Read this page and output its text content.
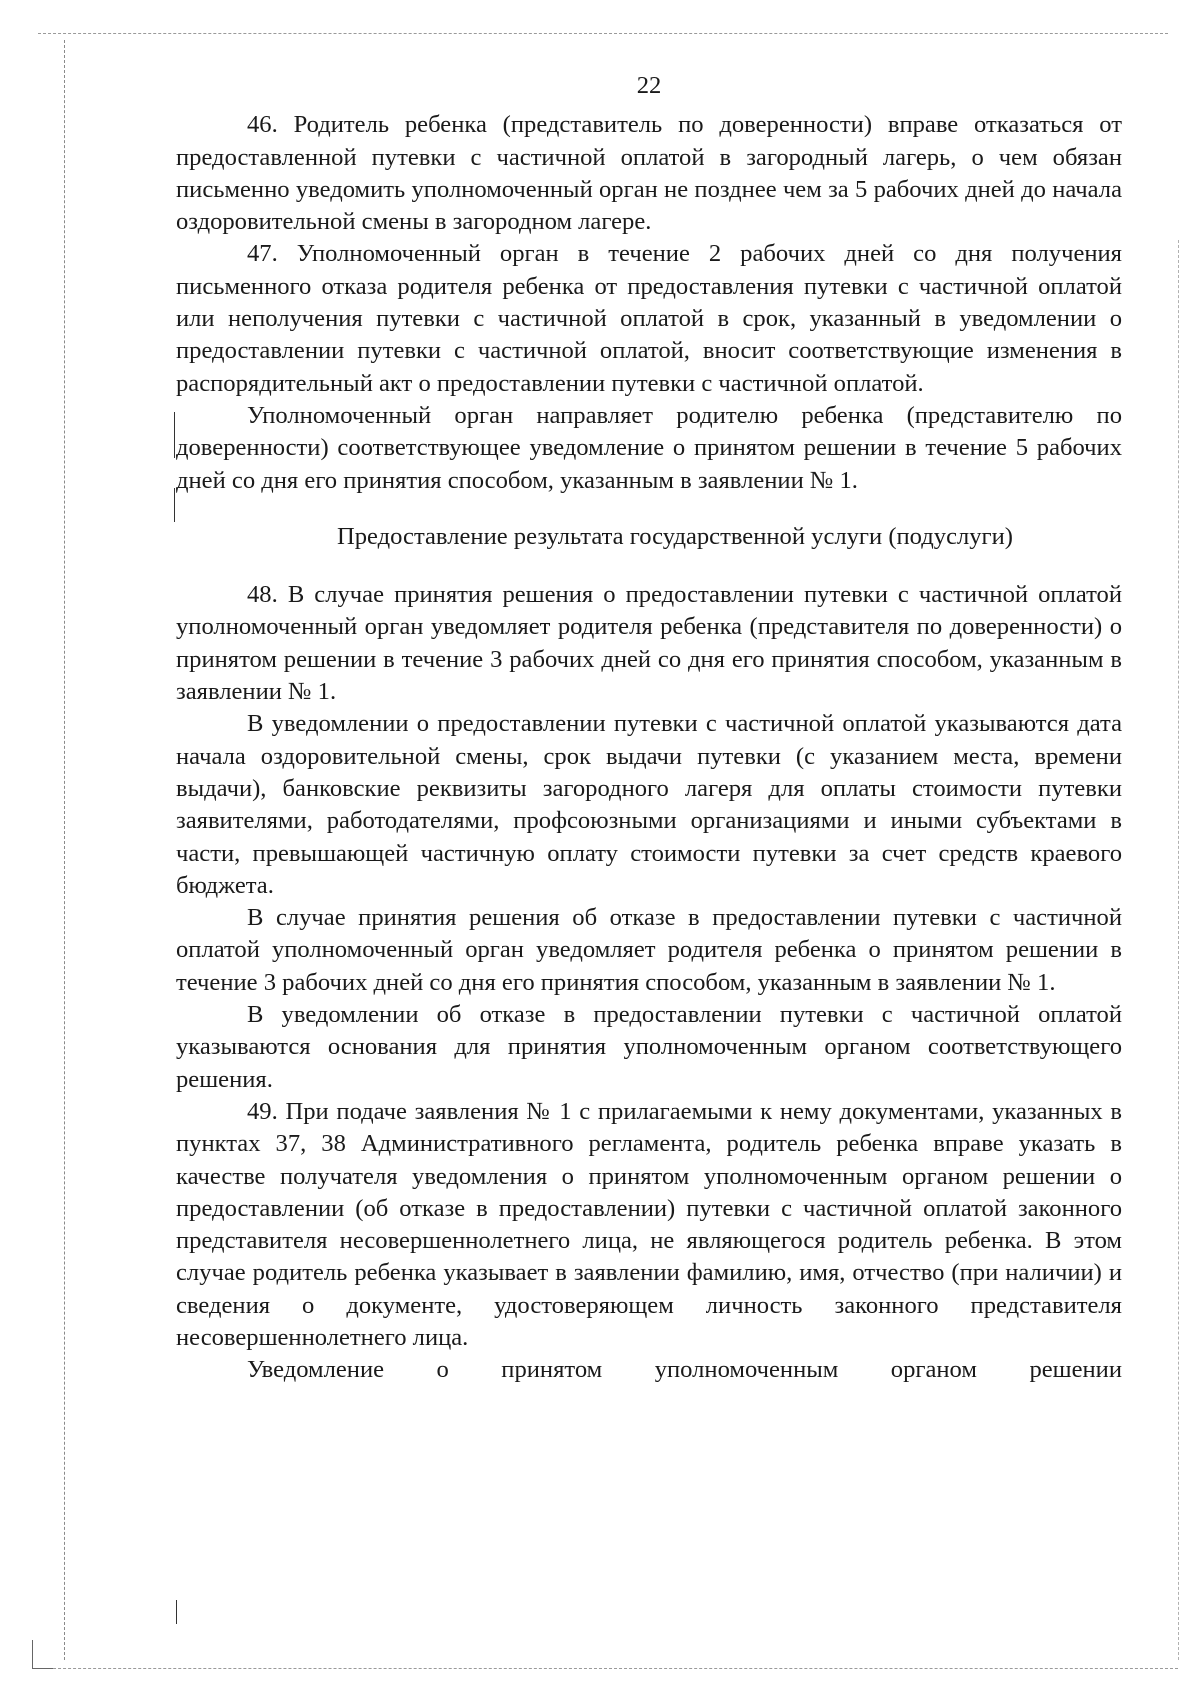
22

46. Родитель ребенка (представитель по доверенности) вправе отказаться от предоставленной путевки с частичной оплатой в загородный лагерь, о чем обязан письменно уведомить уполномоченный орган не позднее чем за 5 рабочих дней до начала оздоровительной смены в загородном лагере.

47. Уполномоченный орган в течение 2 рабочих дней со дня получения письменного отказа родителя ребенка от предоставления путевки с частичной оплатой или неполучения путевки с частичной оплатой в срок, указанный в уведомлении о предоставлении путевки с частичной оплатой, вносит соответствующие изменения в распорядительный акт о предоставлении путевки с частичной оплатой.

Уполномоченный орган направляет родителю ребенка (представителю по доверенности) соответствующее уведомление о принятом решении в течение 5 рабочих дней со дня его принятия способом, указанным в заявлении № 1.

Предоставление результата государственной услуги (подуслуги)

48. В случае принятия решения о предоставлении путевки с частичной оплатой уполномоченный орган уведомляет родителя ребенка (представителя по доверенности) о принятом решении в течение 3 рабочих дней со дня его принятия способом, указанным в заявлении № 1.

В уведомлении о предоставлении путевки с частичной оплатой указываются дата начала оздоровительной смены, срок выдачи путевки (с указанием места, времени выдачи), банковские реквизиты загородного лагеря для оплаты стоимости путевки заявителями, работодателями, профсоюзными организациями и иными субъектами в части, превышающей частичную оплату стоимости путевки за счет средств краевого бюджета.

В случае принятия решения об отказе в предоставлении путевки с частичной оплатой уполномоченный орган уведомляет родителя ребенка о принятом решении в течение 3 рабочих дней со дня его принятия способом, указанным в заявлении № 1.

В уведомлении об отказе в предоставлении путевки с частичной оплатой указываются основания для принятия уполномоченным органом соответствующего решения.

49. При подаче заявления № 1 с прилагаемыми к нему документами, указанных в пунктах 37, 38 Административного регламента, родитель ребенка вправе указать в качестве получателя уведомления о принятом уполномоченным органом решении о предоставлении (об отказе в предоставлении) путевки с частичной оплатой законного представителя несовершеннолетнего лица, не являющегося родитель ребенка. В этом случае родитель ребенка указывает в заявлении фамилию, имя, отчество (при наличии) и сведения о документе, удостоверяющем личность законного представителя несовершеннолетнего лица.

Уведомление о принятом уполномоченным органом решении
